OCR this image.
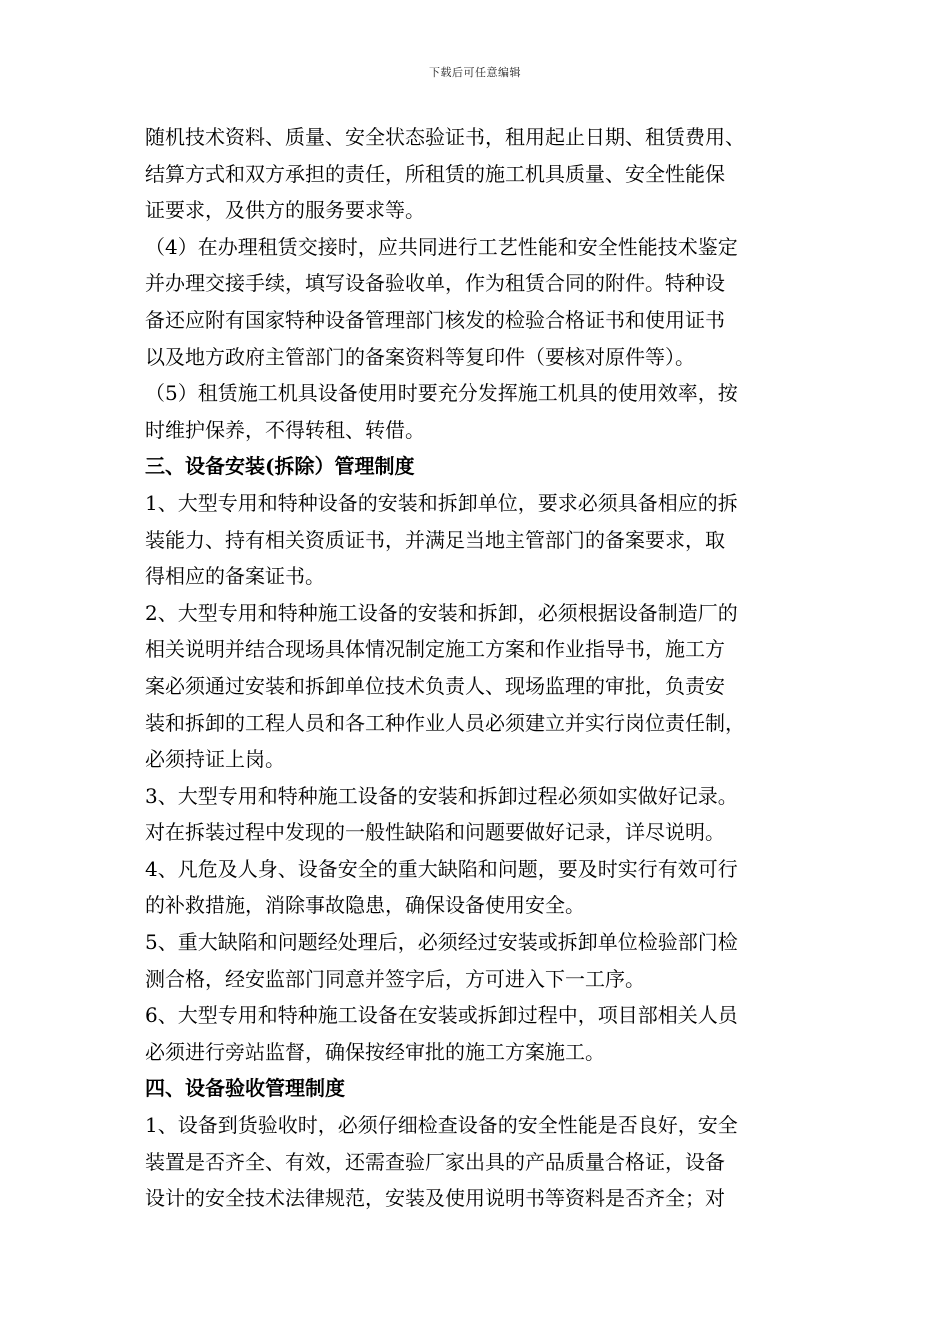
下载后可任意编辑
随机技术资料、质量、安全状态验证书，租用起止日期、租赁费用、
结算方式和双方承担的责任，所租赁的施工机具质量、安全性能保
证要求，及供方的服务要求等。
（4）在办理租赁交接时，应共同进行工艺性能和安全性能技术鉴定
并办理交接手续，填写设备验收单，作为租赁合同的附件。特种设
备还应附有国家特种设备管理部门核发的检验合格证书和使用证书
以及地方政府主管部门的备案资料等复印件（要核对原件等）。
（5）租赁施工机具设备使用时要充分发挥施工机具的使用效率，按
时维护保养，不得转租、转借。
三、设备安装(拆除）管理制度
1、大型专用和特种设备的安装和拆卸单位，要求必须具备相应的拆
装能力、持有相关资质证书，并满足当地主管部门的备案要求，取
得相应的备案证书。
2、大型专用和特种施工设备的安装和拆卸，必须根据设备制造厂的
相关说明并结合现场具体情况制定施工方案和作业指导书，施工方
案必须通过安装和拆卸单位技术负责人、现场监理的审批，负责安
装和拆卸的工程人员和各工种作业人员必须建立并实行岗位责任制，
必须持证上岗。
3、大型专用和特种施工设备的安装和拆卸过程必须如实做好记录。
对在拆装过程中发现的一般性缺陷和问题要做好记录，详尽说明。
4、凡危及人身、设备安全的重大缺陷和问题，要及时实行有效可行
的补救措施，消除事故隐患，确保设备使用安全。
5、重大缺陷和问题经处理后，必须经过安装或拆卸单位检验部门检
测合格，经安监部门同意并签字后，方可进入下一工序。
6、大型专用和特种施工设备在安装或拆卸过程中，项目部相关人员
必须进行旁站监督，确保按经审批的施工方案施工。
四、设备验收管理制度
1、设备到货验收时，必须仔细检查设备的安全性能是否良好，安全
装置是否齐全、有效，还需查验厂家出具的产品质量合格证，设备
设计的安全技术法律规范，安装及使用说明书等资料是否齐全；对
